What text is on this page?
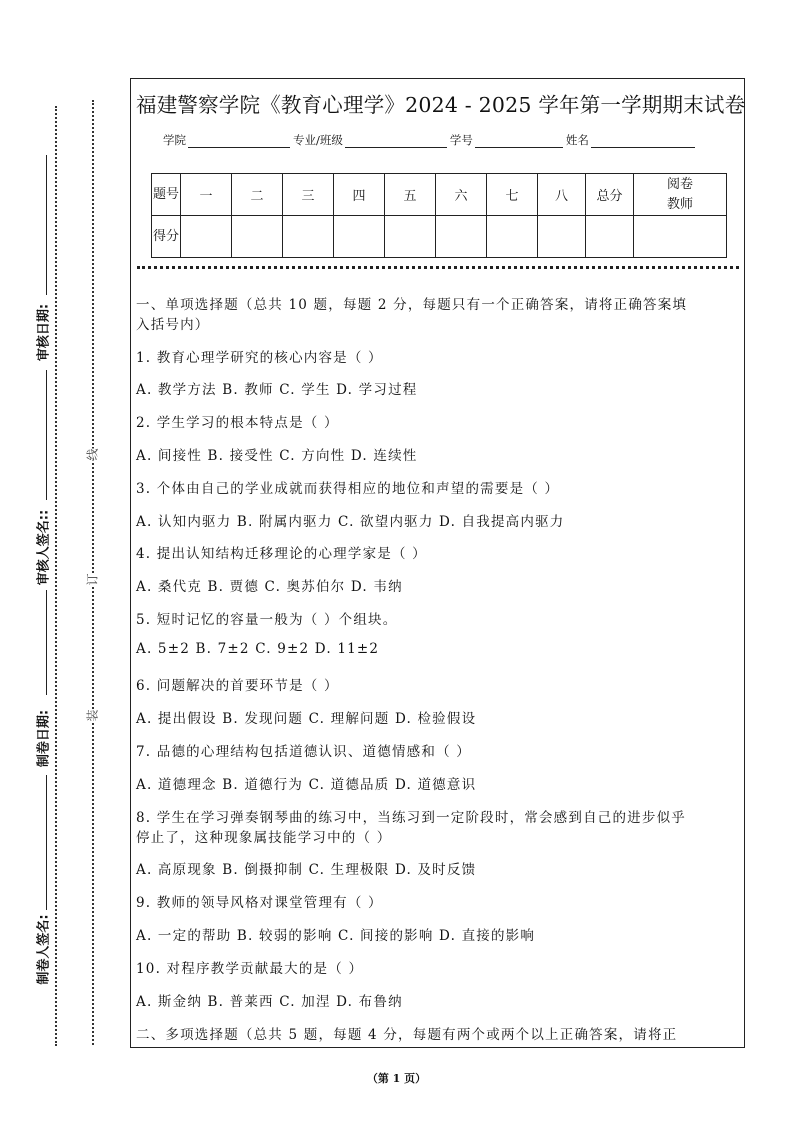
福建警察学院《教育心理学》2024 - 2025 学年第一学期期末试卷
学院	专业/班级	学号	姓名
题号	一	二	三	四	五	六	七	八	总分	阅卷教师
得分										
一、单项选择题（总共 10 题，每题 2 分，每题只有一个正确答案，请将正确答案填
入括号内）
1. 教育心理学研究的核心内容是（ ）
A. 教学方法 B. 教师 C. 学生 D. 学习过程
2. 学生学习的根本特点是（ ）
A. 间接性 B. 接受性 C. 方向性 D. 连续性
3. 个体由自己的学业成就而获得相应的地位和声望的需要是（ ）
A. 认知内驱力 B. 附属内驱力 C. 欲望内驱力 D. 自我提高内驱力
4. 提出认知结构迁移理论的心理学家是（ ）
A. 桑代克 B. 贾德 C. 奥苏伯尔 D. 韦纳
5. 短时记忆的容量一般为（ ）个组块。
A. 5±2 B. 7±2 C. 9±2 D. 11±2
6. 问题解决的首要环节是（ ）
A. 提出假设 B. 发现问题 C. 理解问题 D. 检验假设
7. 品德的心理结构包括道德认识、道德情感和（ ）
A. 道德理念 B. 道德行为 C. 道德品质 D. 道德意识
8. 学生在学习弹奏钢琴曲的练习中，当练习到一定阶段时，常会感到自己的进步似乎
停止了，这种现象属技能学习中的（ ）
A. 高原现象 B. 倒摄抑制 C. 生理极限 D. 及时反馈
9. 教师的领导风格对课堂管理有（ ）
A. 一定的帮助 B. 较弱的影响 C. 间接的影响 D. 直接的影响
10. 对程序教学贡献最大的是（ ）
A. 斯金纳 B. 普莱西 C. 加涅 D. 布鲁纳
二、多项选择题（总共 5 题，每题 4 分，每题有两个或两个以上正确答案，请将正
审核日期:
审核人签名::
制卷日期:
制卷人签名:
线
订
装
（第 1 页）
